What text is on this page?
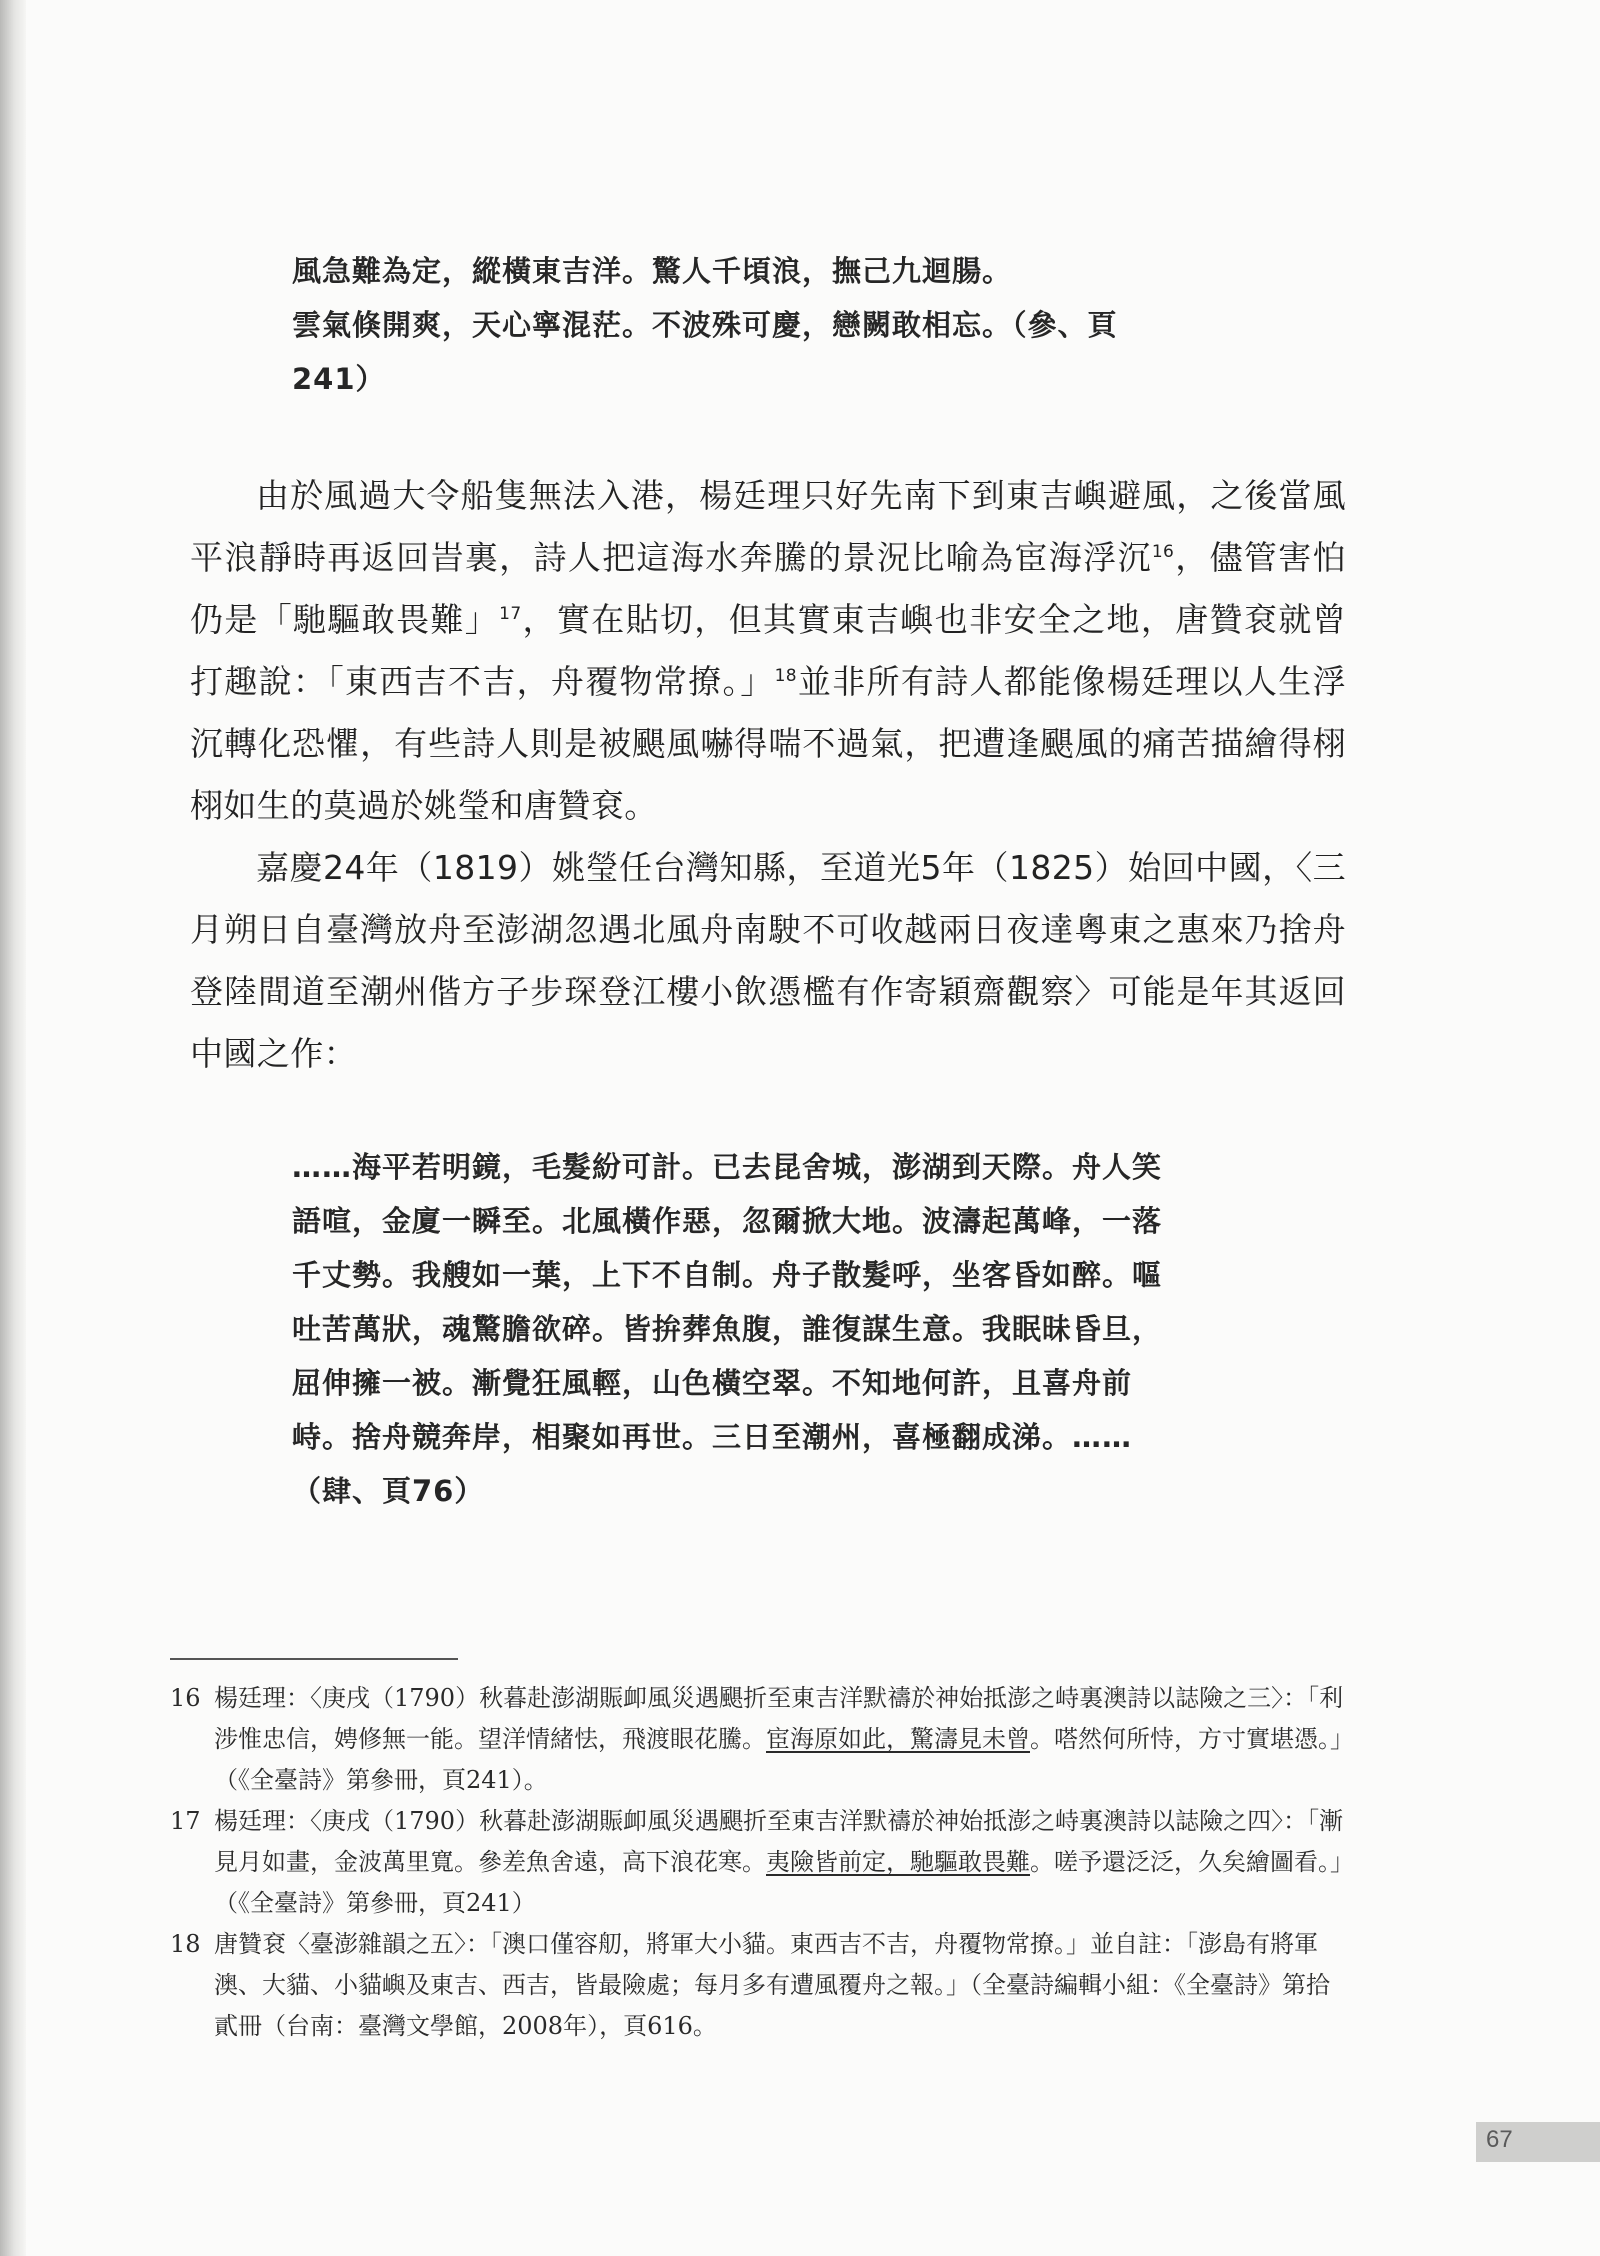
風急難為定，縱橫東吉洋。驚人千頃浪，撫己九迴腸。
雲氣倏開爽，天心寧混茫。不波殊可慶，戀闕敢相忘。（參、頁
241）

由於風過大令船隻無法入港，楊廷理只好先南下到東吉嶼避風，之後當風平浪靜時再返回旹裏，詩人把這海水奔騰的景況比喻為宦海浮沉$^{16}$，儘管害怕仍是「馳驅敢畏難」$^{17}$，實在貼切，但其實東吉嶼也非安全之地，唐贊袞就曾打趣說：「東西吉不吉，舟覆物常撩。」$^{18}$並非所有詩人都能像楊廷理以人生浮沉轉化恐懼，有些詩人則是被颶風嚇得喘不過氣，把遭逢颶風的痛苦描繪得栩栩如生的莫過於姚瑩和唐贊袞。

嘉慶24年（1819）姚瑩任台灣知縣，至道光5年（1825）始回中國，〈三月朔日自臺灣放舟至澎湖忽遇北風舟南駛不可收越兩日夜達粵東之惠來乃捨舟登陸間道至潮州偕方子步琛登江樓小飲憑檻有作寄穎齋觀察〉可能是年其返回中國之作：

……海平若明鏡，毛髮紛可計。已去昆舍城，澎湖到天際。舟人笑
語喧，金廈一瞬至。北風橫作惡，忽爾掀大地。波濤起萬峰，一落
千丈勢。我艘如一葉，上下不自制。舟子散髮呼，坐客昏如醉。嘔
吐苦萬狀，魂驚膽欲碎。皆拚葬魚腹，誰復謀生意。我眠昧昏旦，
屈伸擁一被。漸覺狂風輕，山色橫空翠。不知地何許，且喜舟前
峙。捨舟競奔岸，相聚如再世。三日至潮州，喜極翻成涕。……
（肆、頁76）
16 楊廷理：〈庚戌（1790）秋暮赴澎湖賑卹風災遇颶折至東吉洋默禱於神始抵澎之峙裏澳詩以誌險之三〉：「利涉惟忠信，娉修無一能。望洋情緒怯，飛渡眼花騰。宦海原如此，驚濤見未曾。嗒然何所恃，方寸實堪憑。」（《全臺詩》第參冊，頁241）。
17 楊廷理：〈庚戌（1790）秋暮赴澎湖賑卹風災遇颶折至東吉洋默禱於神始抵澎之峙裏澳詩以誌險之四〉：「漸見月如畫，金波萬里寬。參差魚舍遠，高下浪花寒。夷險皆前定，馳驅敢畏難。嗟予還泛泛，久矣繪圖看。」（《全臺詩》第參冊，頁241）
18 唐贊袞〈臺澎雜韻之五〉：「澳口僅容舠，將軍大小貓。東西吉不吉，舟覆物常撩。」並自註：「澎島有將軍澳、大貓、小貓嶼及東吉、西吉，皆最險處；每月多有遭風覆舟之報。」（全臺詩編輯小組：《全臺詩》第拾貳冊（台南：臺灣文學館，2008年），頁616。
67
